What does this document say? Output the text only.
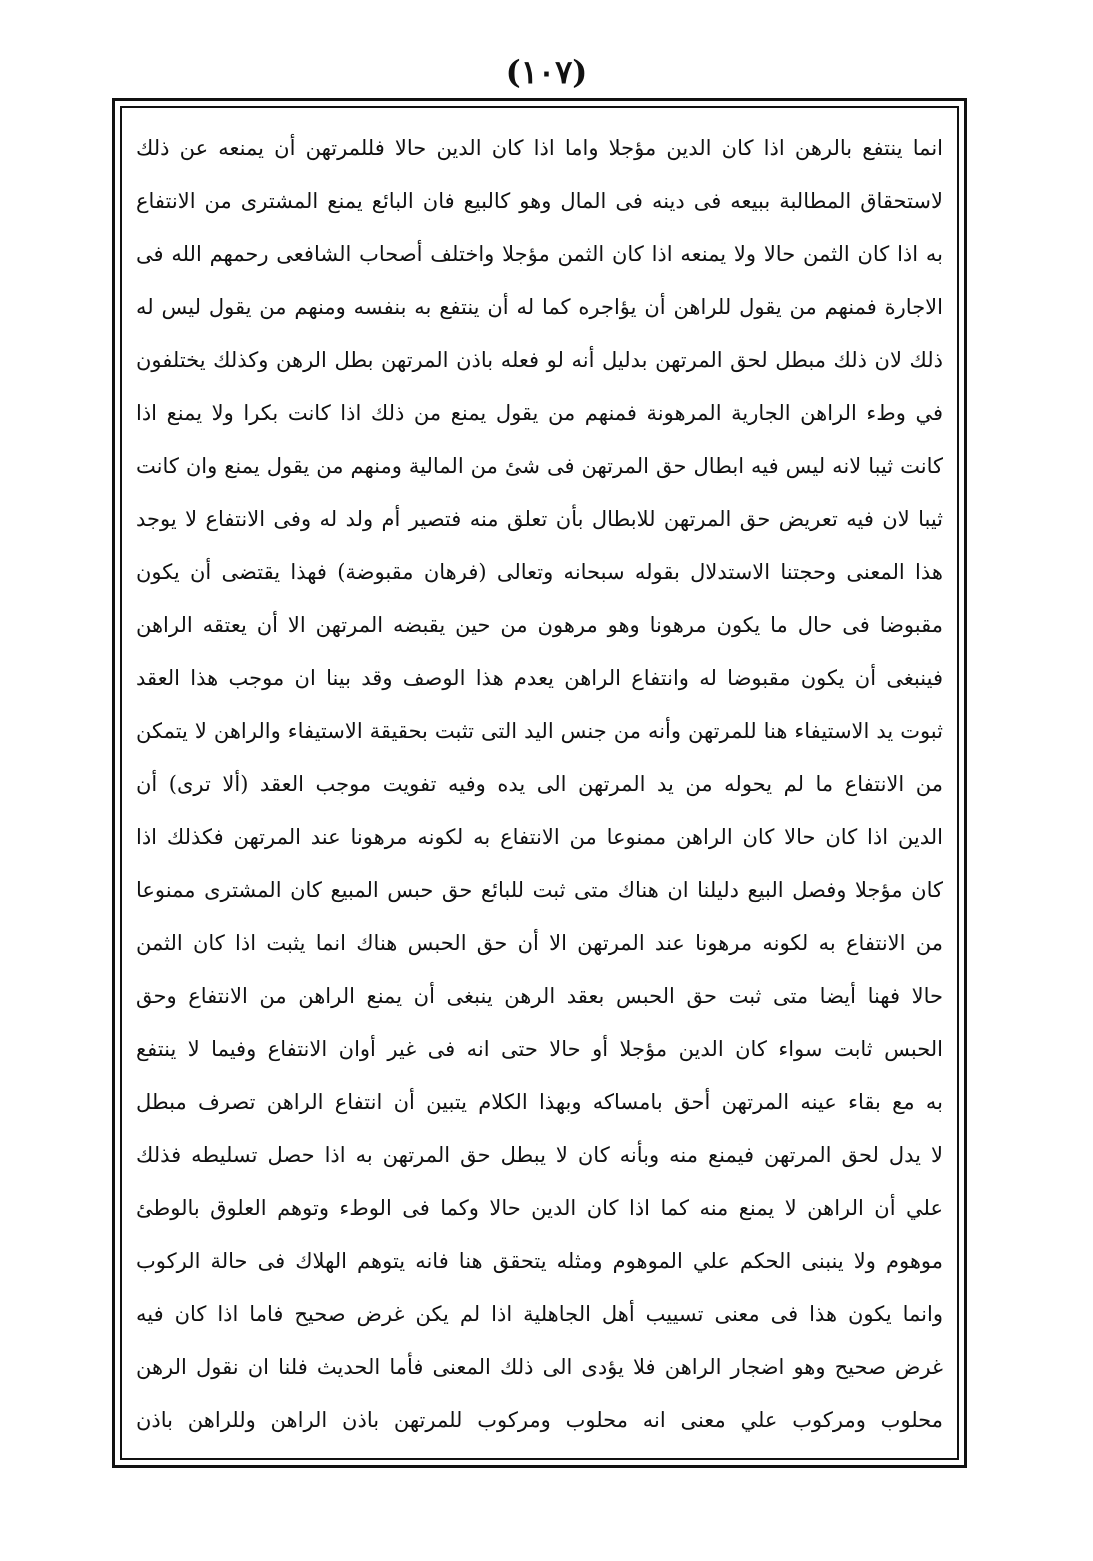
(١٠٧)
انما ينتفع بالرهن اذا كان الدين مؤجلا واما اذا كان الدين حالا فللمرتهن أن يمنعه عن ذلك
لاستحقاق المطالبة ببيعه فى دينه فى المال وهو كالبيع فان البائع يمنع المشترى من الانتفاع
به اذا كان الثمن حالا ولا يمنعه اذا كان الثمن مؤجلا واختلف أصحاب الشافعى رحمهم الله فى
الاجارة فمنهم من يقول للراهن أن يؤاجره كما له أن ينتفع به بنفسه ومنهم من يقول ليس له
ذلك لان ذلك مبطل لحق المرتهن بدليل أنه لو فعله باذن المرتهن بطل الرهن وكذلك يختلفون
في وطء الراهن الجارية المرهونة فمنهم من يقول يمنع من ذلك اذا كانت بكرا ولا يمنع اذا
كانت ثيبا لانه ليس فيه ابطال حق المرتهن فى شئ من المالية ومنهم من يقول يمنع وان كانت
ثيبا لان فيه تعريض حق المرتهن للابطال بأن تعلق منه فتصير أم ولد له وفى الانتفاع لا يوجد
هذا المعنى وحجتنا الاستدلال بقوله سبحانه وتعالى (فرهان مقبوضة) فهذا يقتضى أن يكون
مقبوضا فى حال ما يكون مرهونا وهو مرهون من حين يقبضه المرتهن الا أن يعتقه الراهن
فينبغى أن يكون مقبوضا له وانتفاع الراهن يعدم هذا الوصف وقد بينا ان موجب هذا العقد
ثبوت يد الاستيفاء هنا للمرتهن وأنه من جنس اليد التى تثبت بحقيقة الاستيفاء والراهن لا يتمكن
من الانتفاع ما لم يحوله من يد المرتهن الى يده وفيه تفويت موجب العقد (ألا ترى) أن
الدين اذا كان حالا كان الراهن ممنوعا من الانتفاع به لكونه مرهونا عند المرتهن فكذلك اذا
كان مؤجلا وفصل البيع دليلنا ان هناك متى ثبت للبائع حق حبس المبيع كان المشترى ممنوعا
من الانتفاع به لكونه مرهونا عند المرتهن الا أن حق الحبس هناك انما يثبت اذا كان الثمن
حالا فهنا أيضا متى ثبت حق الحبس بعقد الرهن ينبغى أن يمنع الراهن من الانتفاع وحق
الحبس ثابت سواء كان الدين مؤجلا أو حالا حتى انه فى غير أوان الانتفاع وفيما لا ينتفع
به مع بقاء عينه المرتهن أحق بامساكه وبهذا الكلام يتبين أن انتفاع الراهن تصرف مبطل
لا يدل لحق المرتهن فيمنع منه وبأنه كان لا يبطل حق المرتهن به اذا حصل تسليطه فذلك
علي أن الراهن لا يمنع منه كما اذا كان الدين حالا وكما فى الوطء وتوهم العلوق بالوطئ
موهوم ولا ينبنى الحكم علي الموهوم ومثله يتحقق هنا فانه يتوهم الهلاك فى حالة الركوب
وانما يكون هذا فى معنى تسييب أهل الجاهلية اذا لم يكن غرض صحيح فاما اذا كان فيه
غرض صحيح وهو اضجار الراهن فلا يؤدى الى ذلك المعنى فأما الحديث فلنا ان نقول الرهن
محلوب ومركوب علي معنى انه محلوب ومركوب للمرتهن باذن الراهن وللراهن باذن
